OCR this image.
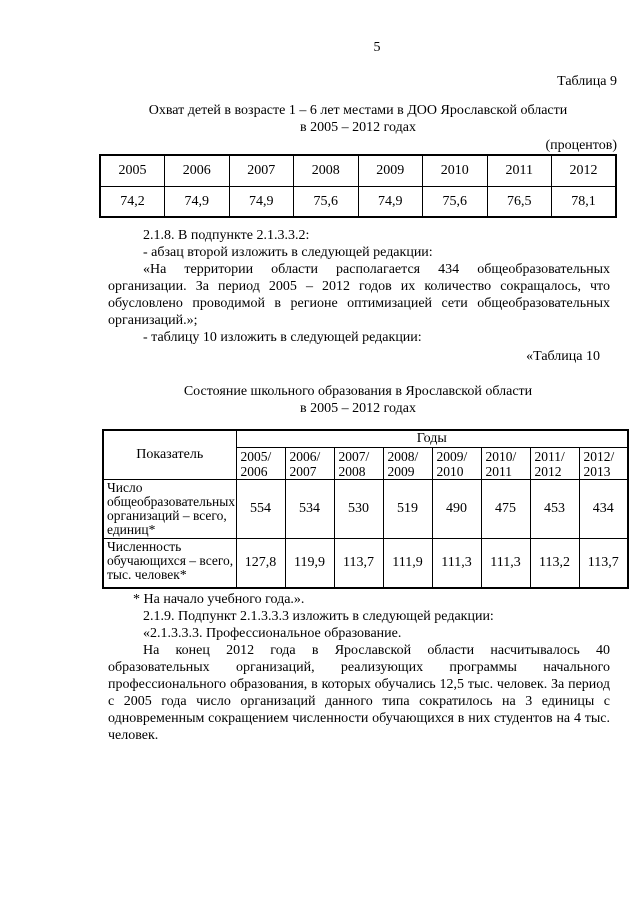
5
Таблица 9
Охват детей в возрасте 1 – 6 лет местами в ДОО Ярославской области
в 2005 – 2012 годах
(процентов)
2005	2006	2007	2008	2009	2010	2011	2012
74,2	74,9	74,9	75,6	74,9	75,6	76,5	78,1

2.1.8. В подпункте 2.1.3.3.2:

- абзац второй изложить в следующей редакции:

«На территории области располагается 434 общеобразовательных организации. За период 2005 – 2012 годов их количество сокращалось, что обусловлено проводимой в регионе оптимизацией сети общеобразовательных организаций.»;

- таблицу 10 изложить в следующей редакции:

«Таблица 10
Состояние школьного образования в Ярославской области
в 2005 – 2012 годах
Показатель	Годы							
	2005/ 2006	2006/ 2007	2007/ 2008	2008/ 2009	2009/ 2010	2010/ 2011	2011/ 2012	2012/ 2013
Число общеобразовательных организаций – всего, единиц*	554	534	530	519	490	475	453	434
Численность обучающихся – всего, тыс. человек*	127,8	119,9	113,7	111,9	111,3	111,3	113,2	113,7

* На начало учебного года.».

2.1.9. Подпункт 2.1.3.3.3 изложить в следующей редакции:

«2.1.3.3.3. Профессиональное образование.

На конец 2012 года в Ярославской области насчитывалось 40 образовательных организаций, реализующих программы начального профессионального образования, в которых обучались 12,5 тыс. человек. За период с 2005 года число организаций данного типа сократилось на 3 единицы с одновременным сокращением численности обучающихся в них студентов на 4 тыс. человек.
